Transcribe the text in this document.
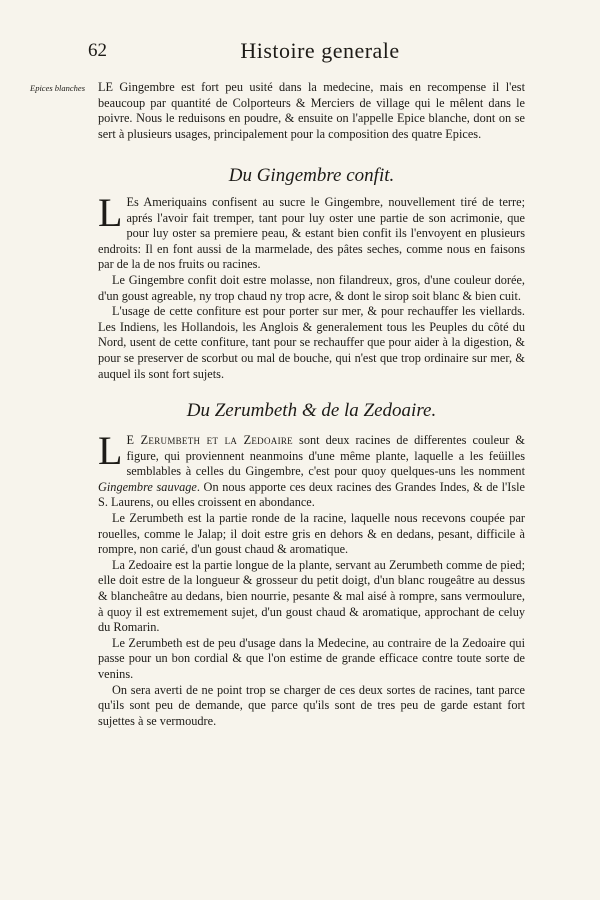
62	Histoire generale
Epices blanches	LE Gingembre est fort peu usité dans la medecine, mais en recompense il l'est beaucoup par quantité de Colporteurs & Merciers de village qui le mêlent dans le poivre. Nous le reduisons en poudre, & ensuite on l'appelle Epice blanche, dont on se sert à plusieurs usages, principalement pour la composition des quatre Epices.

Du Gingembre confit.

L Es Ameriquains confisent au sucre le Gingembre, nouvellement tiré de terre; aprés l'avoir fait tremper, tant pour luy oster une partie de son acrimonie, que pour luy oster sa premiere peau, & estant bien confit ils l'envoyent en plusieurs endroits: Il en font aussi de la marmelade, des pâtes seches, comme nous en faisons par de la de nos fruits ou racines.

Le Gingembre confit doit estre molasse, non filandreux, gros, d'une couleur dorée, d'un goust agreable, ny trop chaud ny trop acre, & dont le sirop soit blanc & bien cuit.

L'usage de cette confiture est pour porter sur mer, & pour rechauffer les viellards. Les Indiens, les Hollandois, les Anglois & generalement tous les Peuples du côté du Nord, usent de cette confiture, tant pour se rechauffer que pour aider à la digestion, & pour se preserver de scorbut ou mal de bouche, qui n'est que trop ordinaire sur mer, & auquel ils sont fort sujets.

Du Zerumbeth & de la Zedoaire.

L E Zerumbeth et la Zedoaire sont deux racines de differentes couleur & figure, qui proviennent neanmoins d'une même plante, laquelle a les feüilles semblables à celles du Gingembre, c'est pour quoy quelques-uns les nomment Gingembre sauvage. On nous apporte ces deux racines des Grandes Indes, & de l'Isle S. Laurens, ou elles croissent en abondance.

Le Zerumbeth est la partie ronde de la racine, laquelle nous recevons coupée par rouelles, comme le Jalap; il doit estre gris en dehors & en dedans, pesant, difficile à rompre, non carié, d'un goust chaud & aromatique.

La Zedoaire est la partie longue de la plante, servant au Zerumbeth comme de pied; elle doit estre de la longueur & grosseur du petit doigt, d'un blanc rougeâtre au dessus & blancheâtre au dedans, bien nourrie, pesante & mal aisé à rompre, sans vermoulure, à quoy il est extremement sujet, d'un goust chaud & aromatique, approchant de celuy du Romarin.

Le Zerumbeth est de peu d'usage dans la Medecine, au contraire de la Zedoaire qui passe pour un bon cordial & que l'on estime de grande efficace contre toute sorte de venins.

On sera averti de ne point trop se charger de ces deux sortes de racines, tant parce qu'ils sont peu de demande, que parce qu'ils sont de tres peu de garde estant fort sujettes à se vermoudre.
